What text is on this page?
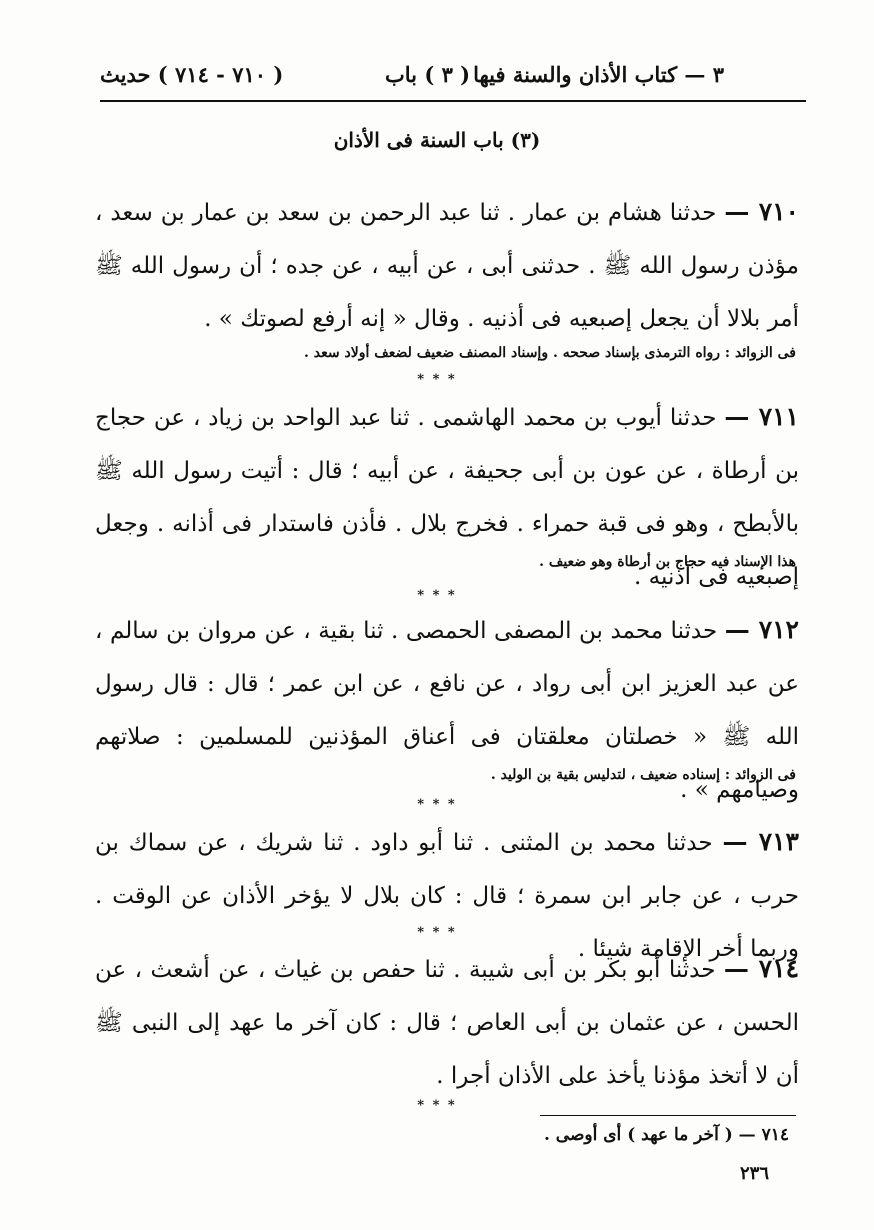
٣ — كتاب الأذان والسنة فيها
( ٣ ) باب
( ٧١٠ - ٧١٤ ) حديث
(٣) باب السنة فى الأذان
٧١٠ — حدثنا هشام بن عمار . ثنا عبد الرحمن بن سعد بن عمار بن سعد ، مؤذن رسول الله ﷺ . حدثنى أبى ، عن أبيه ، عن جده ؛ أن رسول الله ﷺ أمر بلالا أن يجعل إصبعيه فى أذنيه . وقال « إنه أرفع لصوتك » .
فى الزوائد : رواه الترمذى بإسناد صححه . وإسناد المصنف ضعيف لضعف أولاد سعد .
* * *
٧١١ — حدثنا أيوب بن محمد الهاشمى . ثنا عبد الواحد بن زياد ، عن حجاج بن أرطاة ، عن عون بن أبى جحيفة ، عن أبيه ؛ قال : أتيت رسول الله ﷺ بالأبطح ، وهو فى قبة حمراء . فخرج بلال . فأذن فاستدار فى أذانه . وجعل إصبعيه فى أذنيه .
هذا الإسناد فيه حجاج بن أرطاة وهو ضعيف .
* * *
٧١٢ — حدثنا محمد بن المصفى الحمصى . ثنا بقية ، عن مروان بن سالم ، عن عبد العزيز ابن أبى رواد ، عن نافع ، عن ابن عمر ؛ قال : قال رسول الله ﷺ « خصلتان معلقتان فى أعناق المؤذنين للمسلمين : صلاتهم وصيامهم » .
فى الزوائد : إسناده ضعيف ، لتدليس بقية بن الوليد .
* * *
٧١٣ — حدثنا محمد بن المثنى . ثنا أبو داود . ثنا شريك ، عن سماك بن حرب ، عن جابر ابن سمرة ؛ قال : كان بلال لا يؤخر الأذان عن الوقت . وربما أخر الإقامة شيئا .
* * *
٧١٤ — حدثنا أبو بكر بن أبى شيبة . ثنا حفص بن غياث ، عن أشعث ، عن الحسن ، عن عثمان بن أبى العاص ؛ قال : كان آخر ما عهد إلى النبى ﷺ أن لا أتخذ مؤذنا يأخذ على الأذان أجرا .
* * *
٧١٤ — ( آخر ما عهد ) أى أوصى .
٢٣٦
